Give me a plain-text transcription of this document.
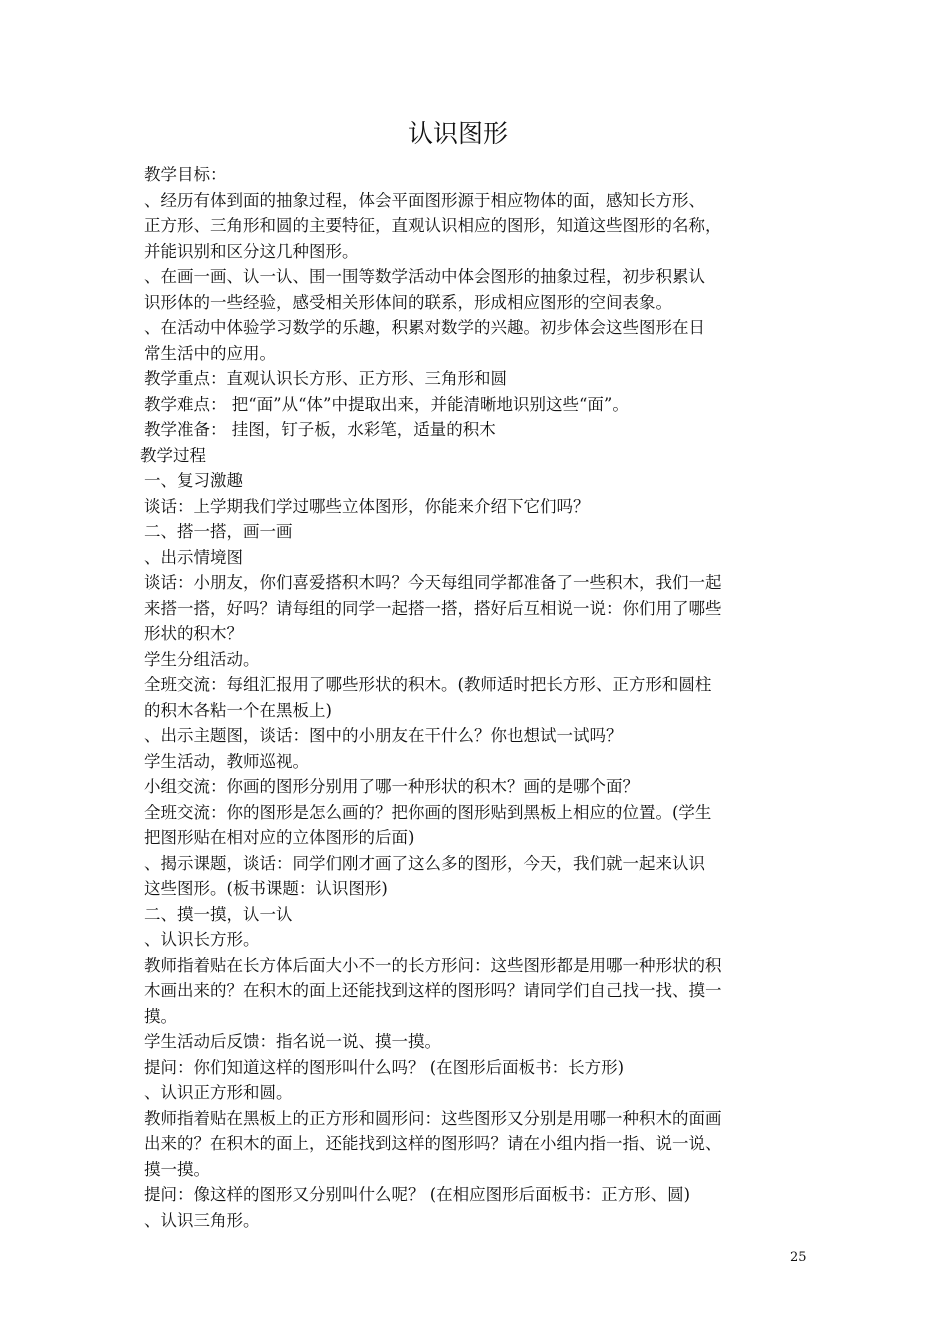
认识图形
教学目标：
、经历有体到面的抽象过程，体会平面图形源于相应物体的面，感知长方形、
正方形、三角形和圆的主要特征，直观认识相应的图形，知道这些图形的名称，
并能识别和区分这几种图形。
、在画一画、认一认、围一围等数学活动中体会图形的抽象过程，初步积累认
识形体的一些经验，感受相关形体间的联系，形成相应图形的空间表象。
、在活动中体验学习数学的乐趣，积累对数学的兴趣。初步体会这些图形在日
常生活中的应用。
教学重点：直观认识长方形、正方形、三角形和圆
教学难点： 把“面”从“体”中提取出来，并能清晰地识别这些“面”。
教学准备： 挂图，钉子板，水彩笔，适量的积木
教学过程
一、复习激趣
谈话：上学期我们学过哪些立体图形，你能来介绍下它们吗？
二、搭一搭，画一画
、出示情境图
谈话：小朋友，你们喜爱搭积木吗？今天每组同学都准备了一些积木，我们一起
来搭一搭，好吗？请每组的同学一起搭一搭，搭好后互相说一说：你们用了哪些
形状的积木？
学生分组活动。
全班交流：每组汇报用了哪些形状的积木。(教师适时把长方形、正方形和圆柱
的积木各粘一个在黑板上)
、出示主题图，谈话：图中的小朋友在干什么？你也想试一试吗？
学生活动，教师巡视。
小组交流：你画的图形分别用了哪一种形状的积木？画的是哪个面？
全班交流：你的图形是怎么画的？把你画的图形贴到黑板上相应的位置。(学生
把图形贴在相对应的立体图形的后面)
、揭示课题，谈话：同学们刚才画了这么多的图形，今天，我们就一起来认识
这些图形。(板书课题：认识图形)
二、摸一摸，认一认
、认识长方形。
教师指着贴在长方体后面大小不一的长方形问：这些图形都是用哪一种形状的积
木画出来的？在积木的面上还能找到这样的图形吗？请同学们自己找一找、摸一
摸。
学生活动后反馈：指名说一说、摸一摸。
提问：你们知道这样的图形叫什么吗？ (在图形后面板书：长方形)
、认识正方形和圆。
教师指着贴在黑板上的正方形和圆形问：这些图形又分别是用哪一种积木的面画
出来的？在积木的面上，还能找到这样的图形吗？请在小组内指一指、说一说、
摸一摸。
提问：像这样的图形又分别叫什么呢？ (在相应图形后面板书：正方形、圆)
、认识三角形。
25
